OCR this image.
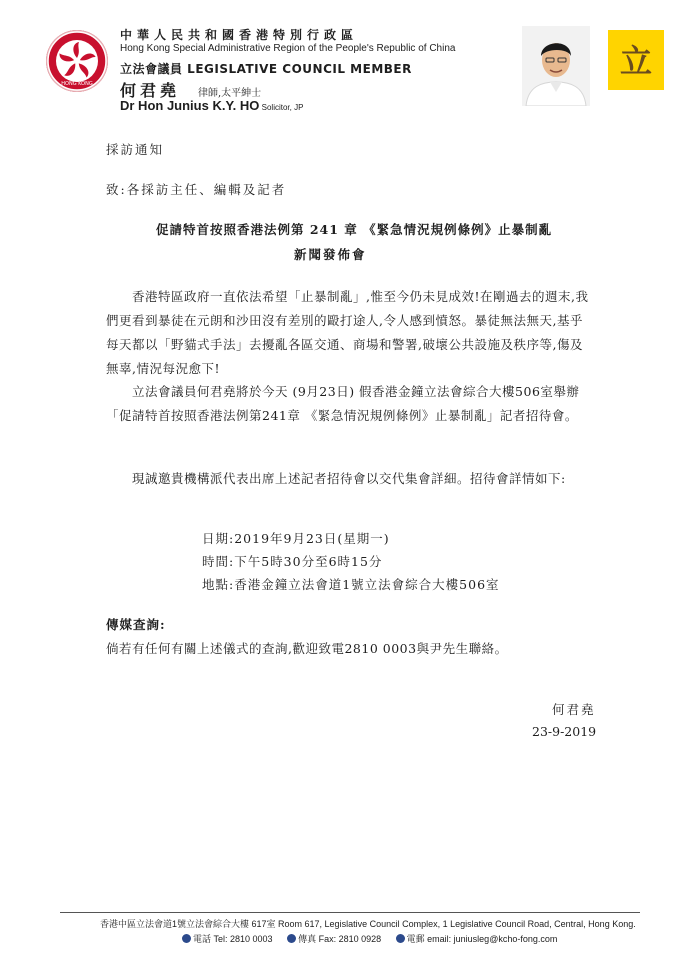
HONG KONG
中華人民共和國香港特別行政區
Hong Kong Special Administrative Region of the People's Republic of China
立法會議員 LEGISLATIVE COUNCIL MEMBER
何君堯 律師,太平紳士
Dr Hon Junius K.Y. HO Solicitor, JP
立
採訪通知
致:各採訪主任、編輯及記者
促請特首按照香港法例第 241 章 《緊急情況規例條例》止暴制亂
新聞發佈會
香港特區政府一直依法希望「止暴制亂」,惟至今仍未見成效!在剛過去的週末,我們更看到暴徒在元朗和沙田沒有差別的毆打途人,令人感到憤怒。暴徒無法無天,基乎每天都以「野貓式手法」去擾亂各區交通、商場和警署,破壞公共設施及秩序等,傷及無辜,情況每況愈下!
立法會議員何君堯將於今天 (9月23日) 假香港金鐘立法會綜合大樓506室舉辦「促請特首按照香港法例第241章 《緊急情況規例條例》止暴制亂」記者招待會。
現誠邀貴機構派代表出席上述記者招待會以交代集會詳細。招待會詳情如下:
日期:2019年9月23日(星期一)
時間:下午5時30分至6時15分
地點:香港金鐘立法會道1號立法會綜合大樓506室
傳媒查詢:
倘若有任何有關上述儀式的查詢,歡迎致電2810 0003與尹先生聯絡。
何君堯
23-9-2019
香港中區立法會道1號立法會綜合大樓 617室 Room 617, Legislative Council Complex, 1 Legislative Council Road, Central, Hong Kong.
電話 Tel: 2810 0003	傳真 Fax: 2810 0928	電郵 email: juniusleg@kcho-fong.com
